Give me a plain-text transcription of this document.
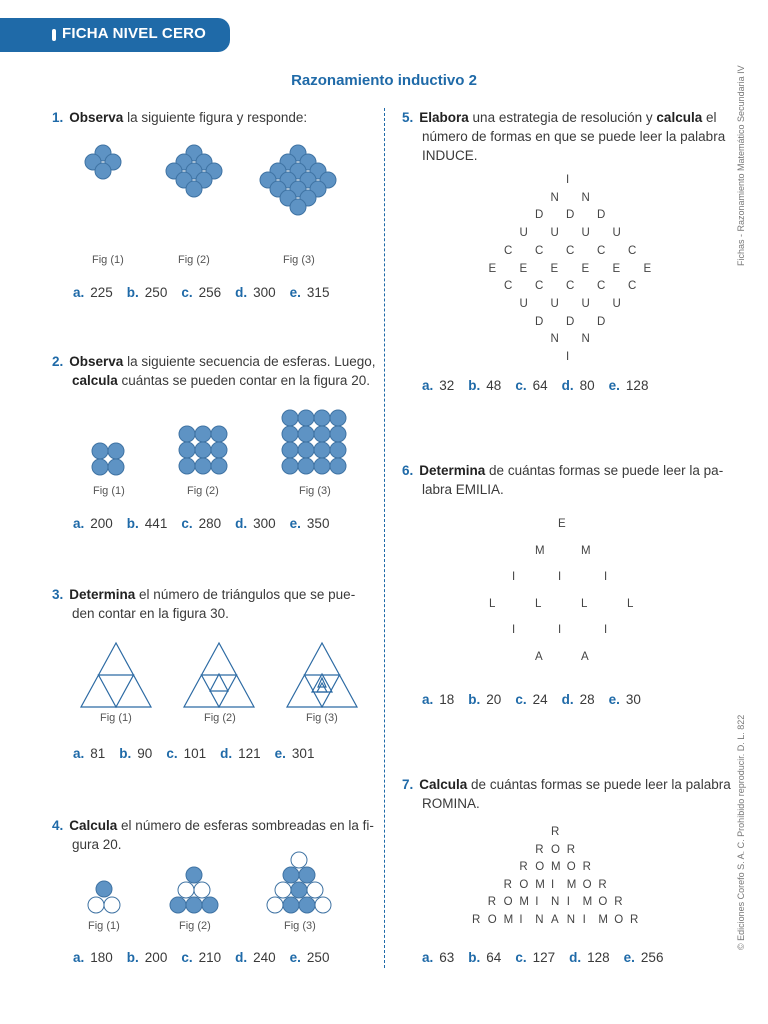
FICHA NIVEL CERO
Razonamiento inductivo 2	Fichas - Razonamiento Matemático Secundaria IV
© Ediciones Corefo S. A. C. Prohibido reproducir. D. L. 822
1. Observa la siguiente figura y responde:
Fig (1)	Fig (2)	Fig (3)
a. 225 b. 250 c. 256 d. 300 e. 315
2. Observa la siguiente secuencia de esferas. Luego,
calcula cuántas se pueden contar en la figura 20.
Fig (1)	Fig (2)	Fig (3)
a. 200 b. 441 c. 280 d. 300 e. 350
3. Determina el número de triángulos que se pue-
den contar en la figura 30.
Fig (1)	Fig (2)	Fig (3)
a. 81 b. 90 c. 101 d. 121 e. 301
4. Calcula el número de esferas sombreadas en la fi-
gura 20.
Fig (1)	Fig (2)	Fig (3)
a. 180 b. 200 c. 210 d. 240 e. 250
5. Elabora una estrategia de resolución y calcula el
número de formas en que se puede leer la palabra
INDUCE.
I
N N
D D D
U U U U
C C C C C
E E E E E E
C C C C C
U U U U
D D D
N N
I
a. 32 b. 48 c. 64 d. 80 e. 128
6. Determina de cuántas formas se puede leer la pa-
labra EMILIA.
E
M	M
I	I	I
L	L	L	L
I	I	I
A	A
a. 18 b. 20 c. 24 d. 28 e. 30
7. Calcula de cuántas formas se puede leer la palabra
ROMINA.
R
R O R
R O M O R
R O M I M O R
R O M I N I M O R
R O M I N A N I M O R
a. 63 b. 64 c. 127 d. 128 e. 256
